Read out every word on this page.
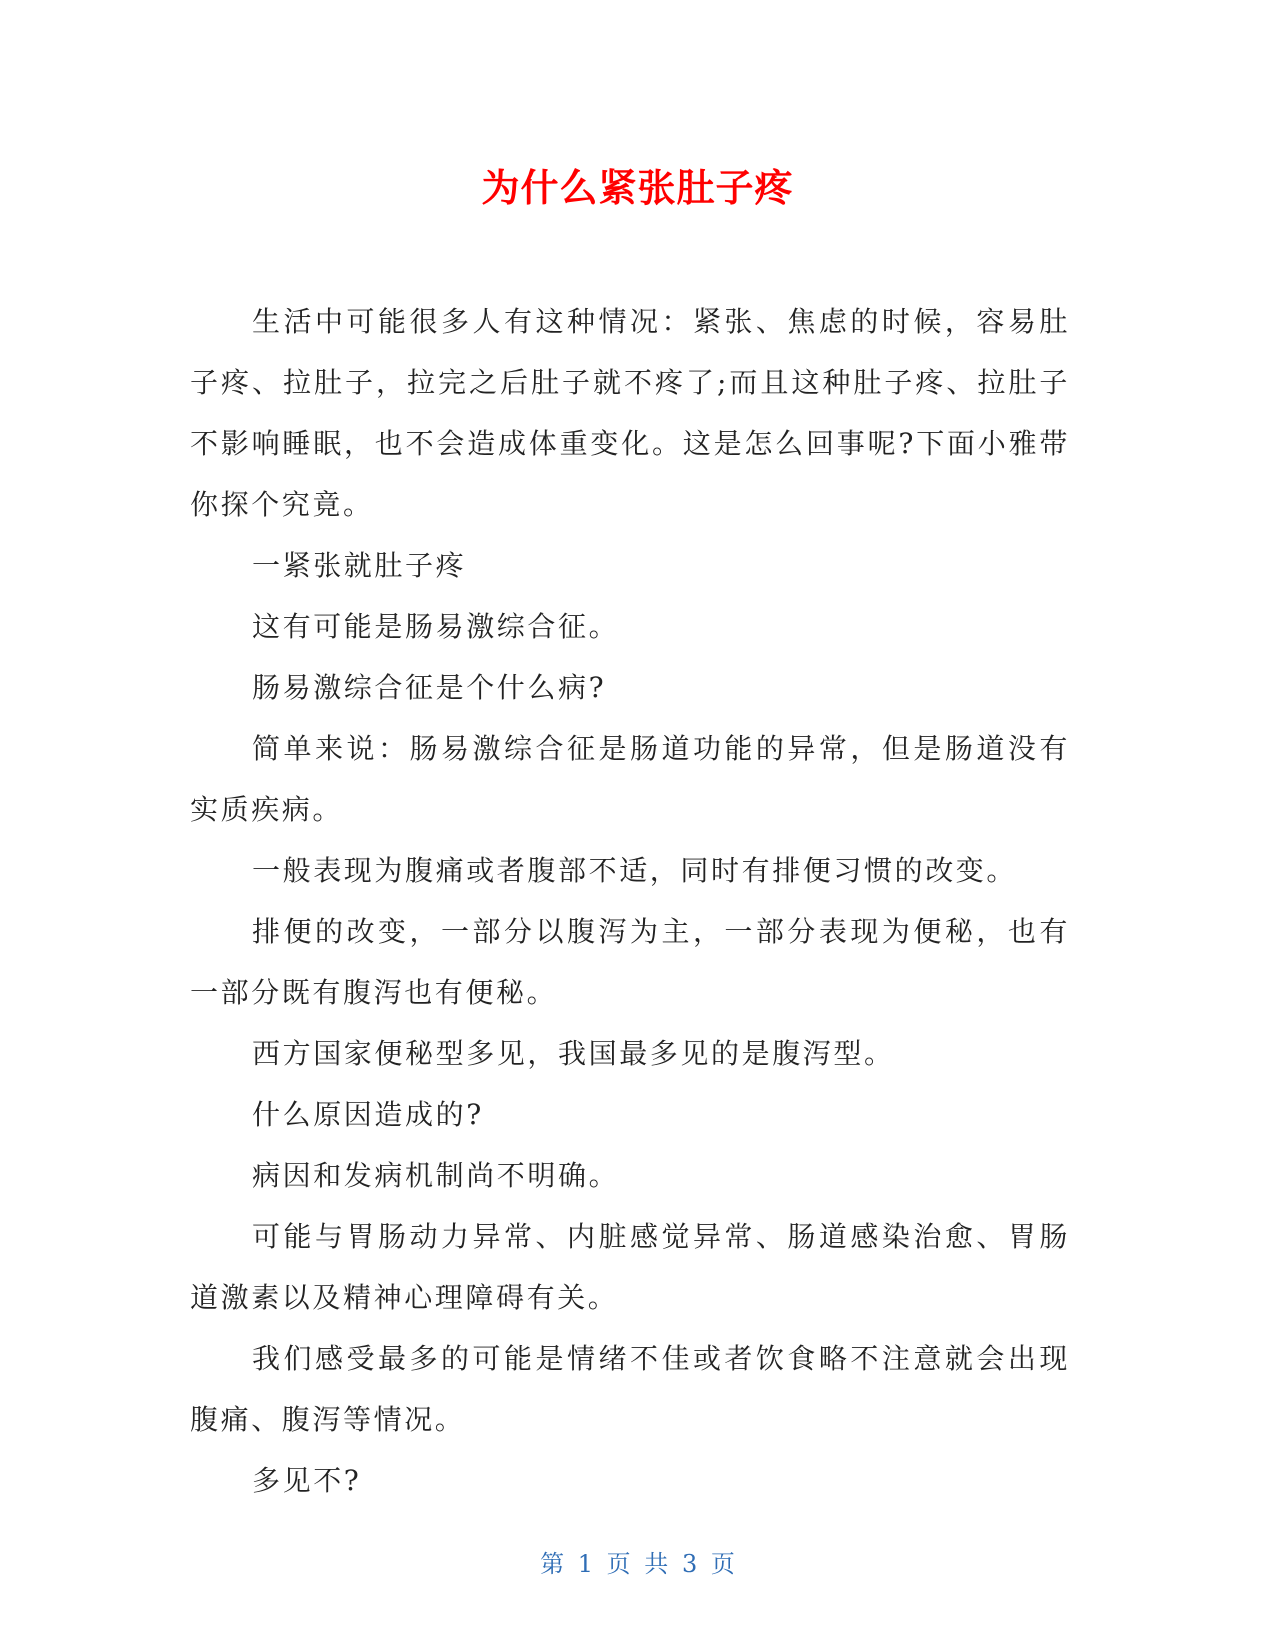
为什么紧张肚子疼

生活中可能很多人有这种情况：紧张、焦虑的时候，容易肚子疼、拉肚子，拉完之后肚子就不疼了;而且这种肚子疼、拉肚子不影响睡眠，也不会造成体重变化。这是怎么回事呢?下面小雅带你探个究竟。

一紧张就肚子疼

这有可能是肠易激综合征。

肠易激综合征是个什么病?

简单来说：肠易激综合征是肠道功能的异常，但是肠道没有实质疾病。

一般表现为腹痛或者腹部不适，同时有排便习惯的改变。

排便的改变，一部分以腹泻为主，一部分表现为便秘，也有一部分既有腹泻也有便秘。

西方国家便秘型多见，我国最多见的是腹泻型。

什么原因造成的?

病因和发病机制尚不明确。

可能与胃肠动力异常、内脏感觉异常、肠道感染治愈、胃肠道激素以及精神心理障碍有关。

我们感受最多的可能是情绪不佳或者饮食略不注意就会出现腹痛、腹泻等情况。

多见不?

第 1 页 共 3 页
